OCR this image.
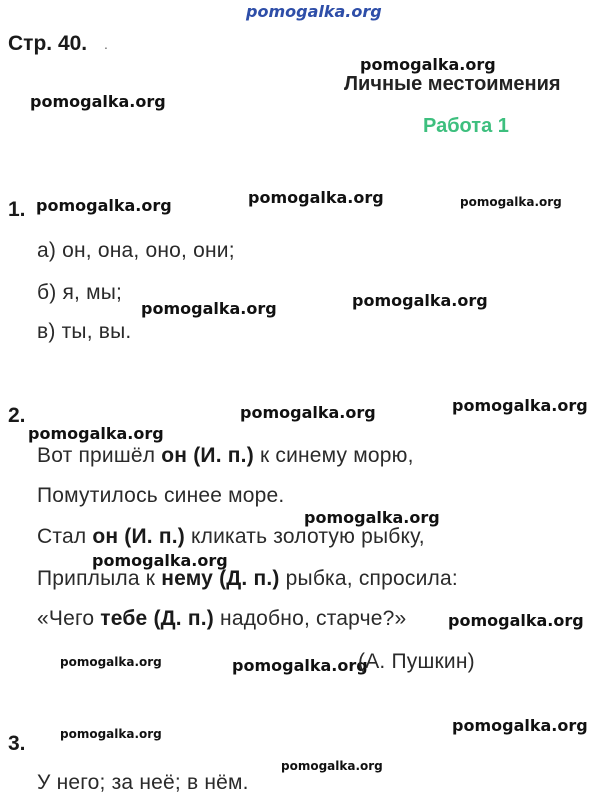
pomogalka.org
Стр. 40. .
pomogalka.org
Личные местоимения
pomogalka.org
Работа 1
pomogalka.org
1. pomogalka.org	pomogalka.org
а) он, она, оно, они;
б) я, мы;	pomogalka.org
pomogalka.org
в) ты, вы.
pomogalka.org
2.	pomogalka.org
pomogalka.org
Вот пришёл он (И. п.) к синему морю,
Помутилось синее море.
pomogalka.org
Стал он (И. п.) кликать золотую рыбку,
pomogalka.org
Приплыла к нему (Д. п.) рыбка, спросила:
«Чего тебе (Д. п.) надобно, старче?»	pomogalka.org
pomogalka.org	pomogalka.org
(А. Пушкин)
pomogalka.org
pomogalka.org
3.
pomogalka.org
У него; за неё; в нём.
